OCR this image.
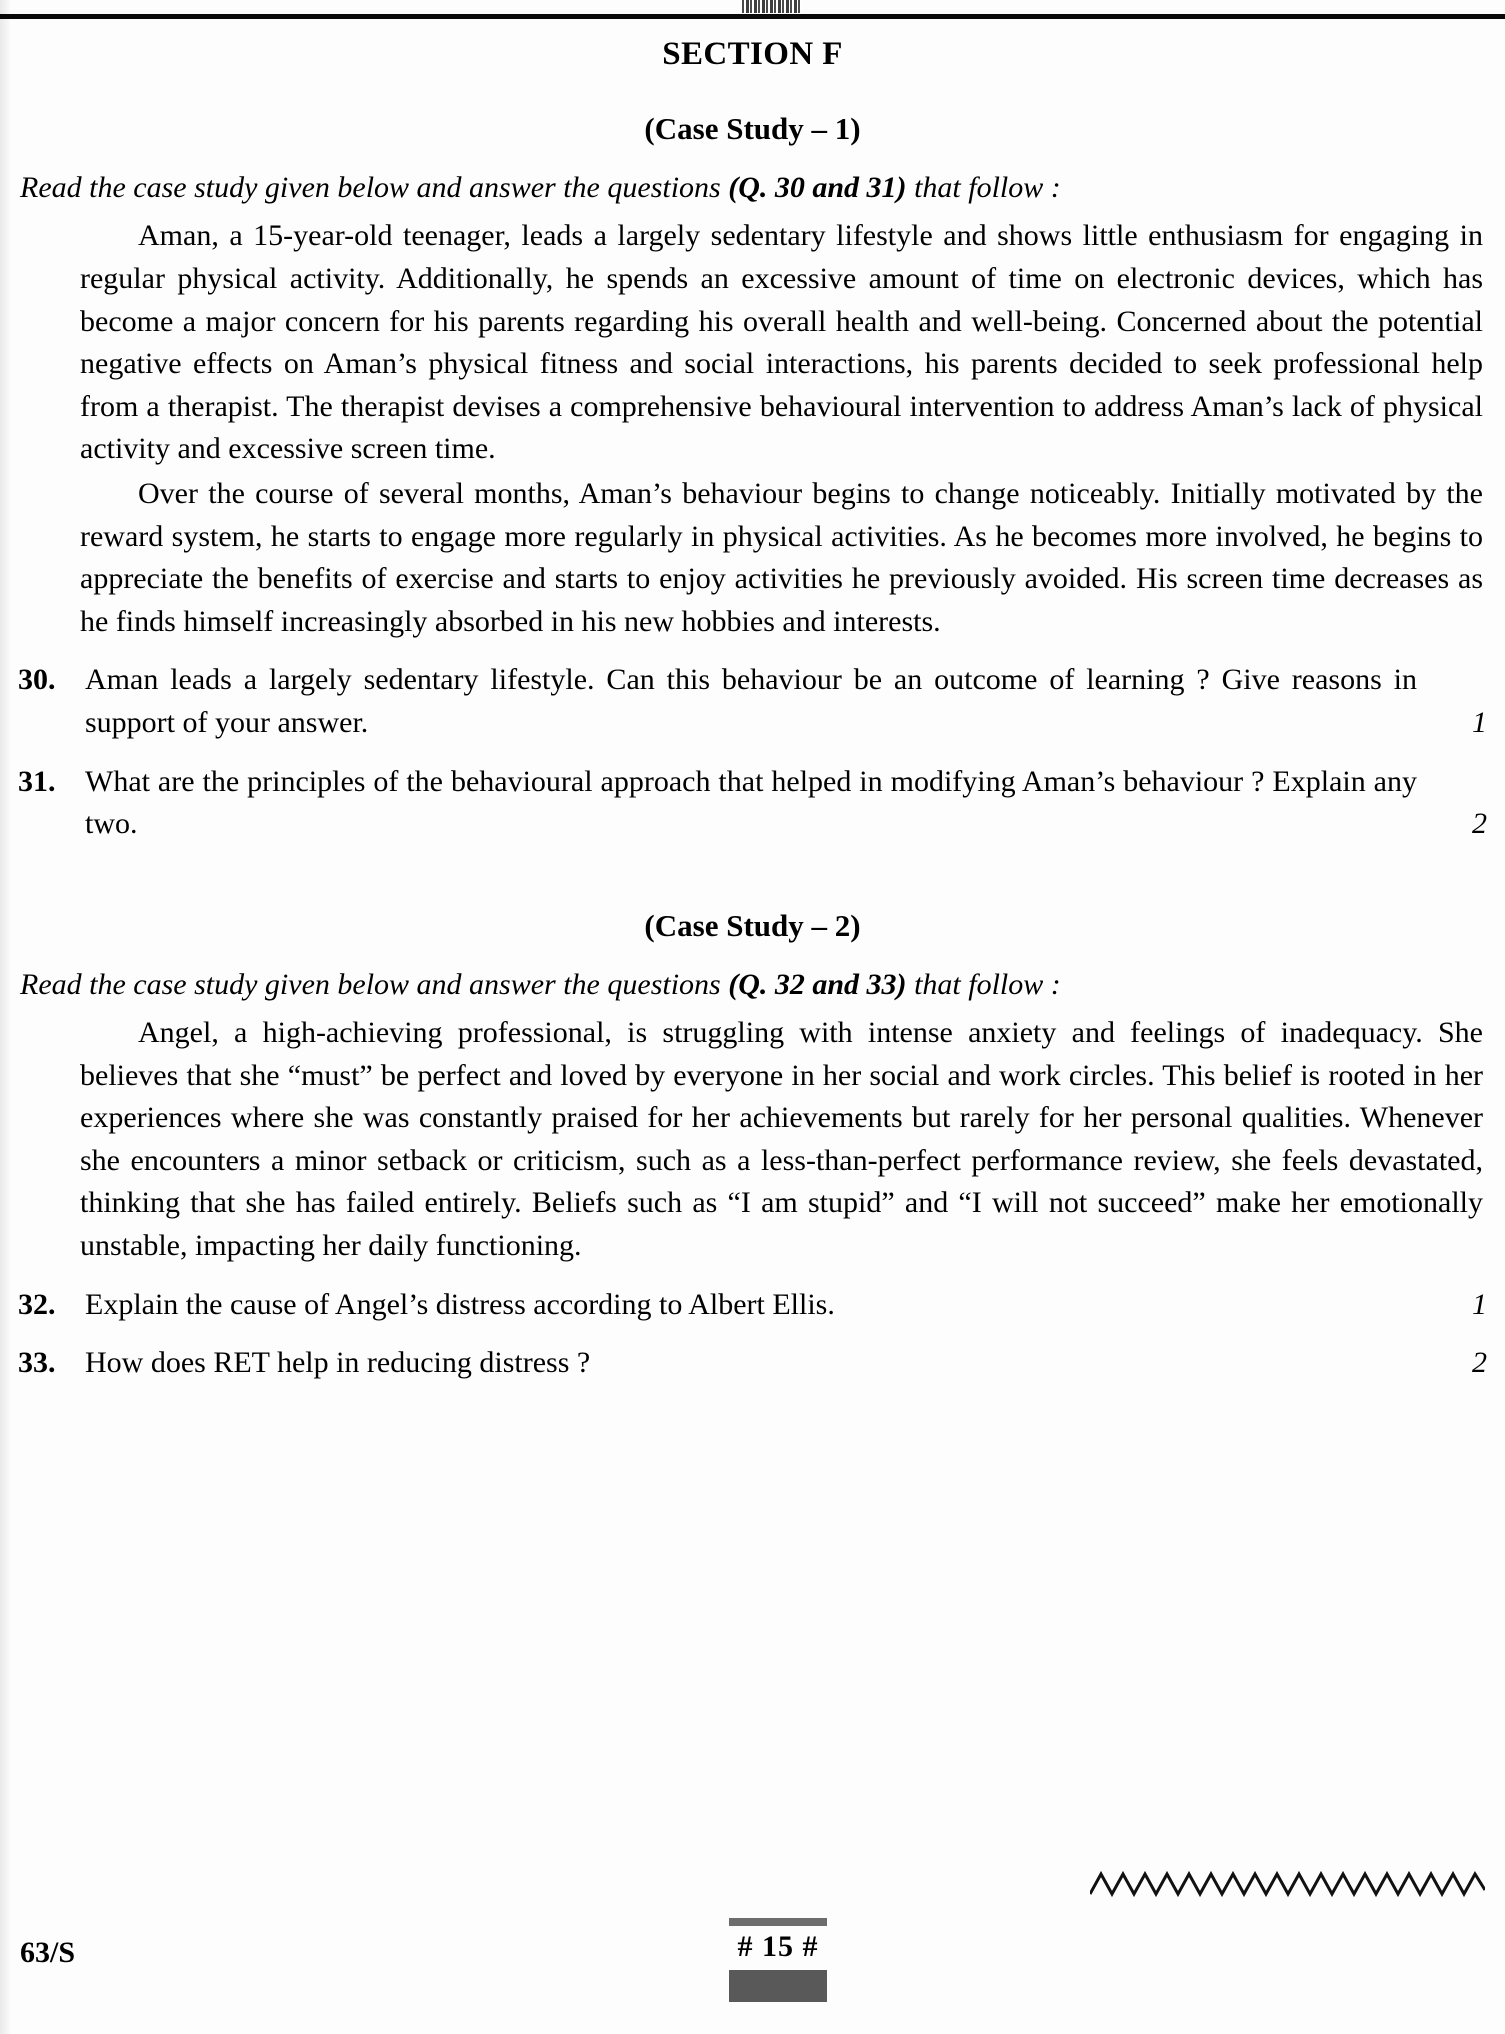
SECTION F
(Case Study – 1)

Read the case study given below and answer the questions (Q. 30 and 31) that follow :

Aman, a 15-year-old teenager, leads a largely sedentary lifestyle and shows little enthusiasm for engaging in regular physical activity. Additionally, he spends an excessive amount of time on electronic devices, which has become a major concern for his parents regarding his overall health and well-being. Concerned about the potential negative effects on Aman’s physical fitness and social interactions, his parents decided to seek professional help from a therapist. The therapist devises a comprehensive behavioural intervention to address Aman’s lack of physical activity and excessive screen time.

Over the course of several months, Aman’s behaviour begins to change noticeably. Initially motivated by the reward system, he starts to engage more regularly in physical activities. As he becomes more involved, he begins to appreciate the benefits of exercise and starts to enjoy activities he previously avoided. His screen time decreases as he finds himself increasingly absorbed in his new hobbies and interests.

30. Aman leads a largely sedentary lifestyle. Can this behaviour be an outcome of learning ? Give reasons in support of your answer.	1
31. What are the principles of the behavioural approach that helped in modifying Aman’s behaviour ? Explain any two.	2
(Case Study – 2)

Read the case study given below and answer the questions (Q. 32 and 33) that follow :

Angel, a high-achieving professional, is struggling with intense anxiety and feelings of inadequacy. She believes that she “must” be perfect and loved by everyone in her social and work circles. This belief is rooted in her experiences where she was constantly praised for her achievements but rarely for her personal qualities. Whenever she encounters a minor setback or criticism, such as a less-than-perfect performance review, she feels devastated, thinking that she has failed entirely. Beliefs such as “I am stupid” and “I will not succeed” make her emotionally unstable, impacting her daily functioning.

32. Explain the cause of Angel’s distress according to Albert Ellis.	1
33. How does RET help in reducing distress ?	2
63/S	# 15 #
